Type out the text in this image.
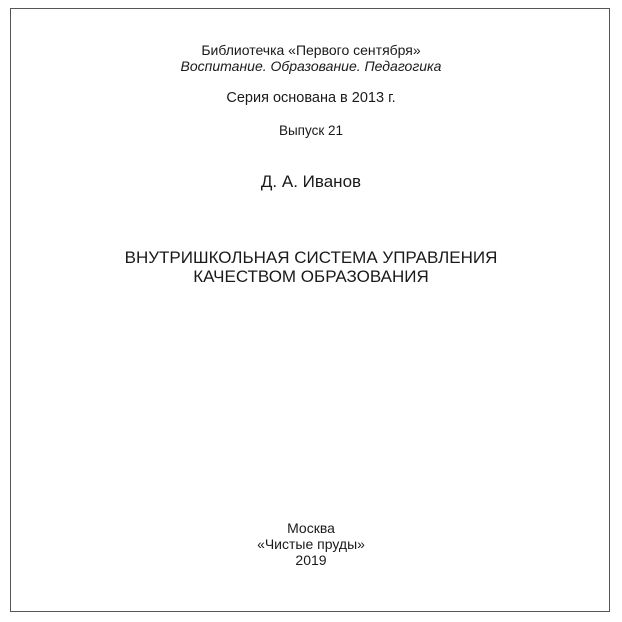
Библиотечка «Первого сентября»
Воспитание. Образование. Педагогика
Серия основана в 2013 г.
Выпуск 21
Д. А. Иванов
ВНУТРИШКОЛЬНАЯ СИСТЕМА УПРАВЛЕНИЯ
КАЧЕСТВОМ ОБРАЗОВАНИЯ
Москва
«Чистые пруды»
2019
